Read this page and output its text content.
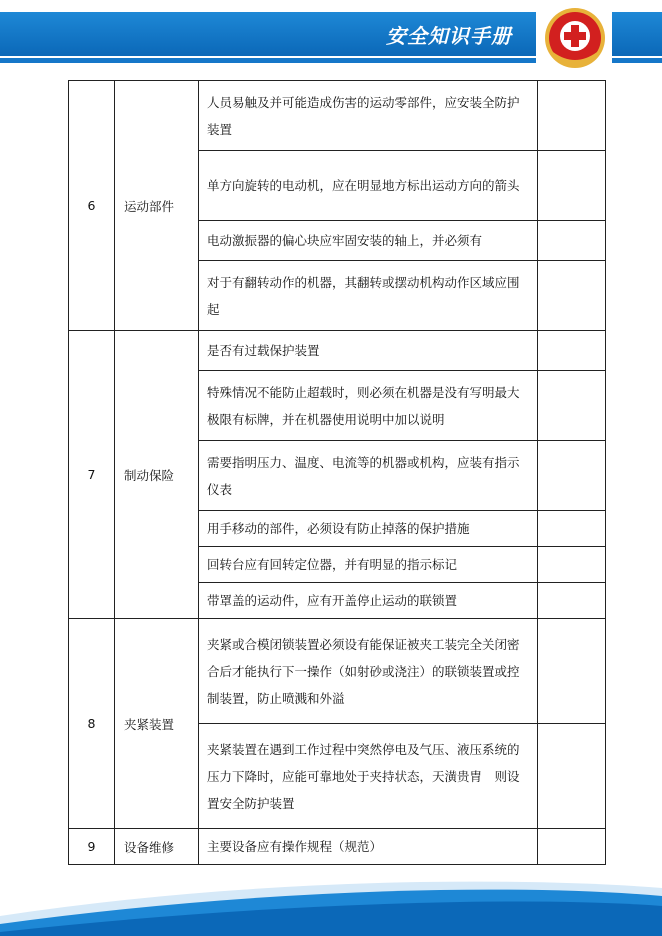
安全知识手册
6	运动部件	人员易触及并可能造成伤害的运动零部件，应安装全防护装置	
		单方向旋转的电动机，应在明显地方标出运动方向的箭头	
		电动激振器的偏心块应牢固安装的轴上，并必须有	
		对于有翻转动作的机器，其翻转或摆动机构动作区域应围起	
7	制动保险	是否有过载保护装置	
		特殊情况不能防止超载时，则必须在机器是没有写明最大极限有标牌，并在机器使用说明中加以说明	
		需要指明压力、温度、电流等的机器或机构，应装有指示仪表	
		用手移动的部件，必须设有防止掉落的保护措施	
		回转台应有回转定位器，并有明显的指示标记	
		带罩盖的运动件，应有开盖停止运动的联锁置	
8	夹紧装置	夹紧或合模闭锁装置必须设有能保证被夹工装完全关闭密合后才能执行下一操作（如射砂或浇注）的联锁装置或控制装置，防止喷溅和外溢	
		夹紧装置在遇到工作过程中突然停电及气压、液压系统的压力下降时，应能可靠地处于夹持状态，天潢贵胄　则设置安全防护装置	
9	设备维修	主要设备应有操作规程（规范）	
